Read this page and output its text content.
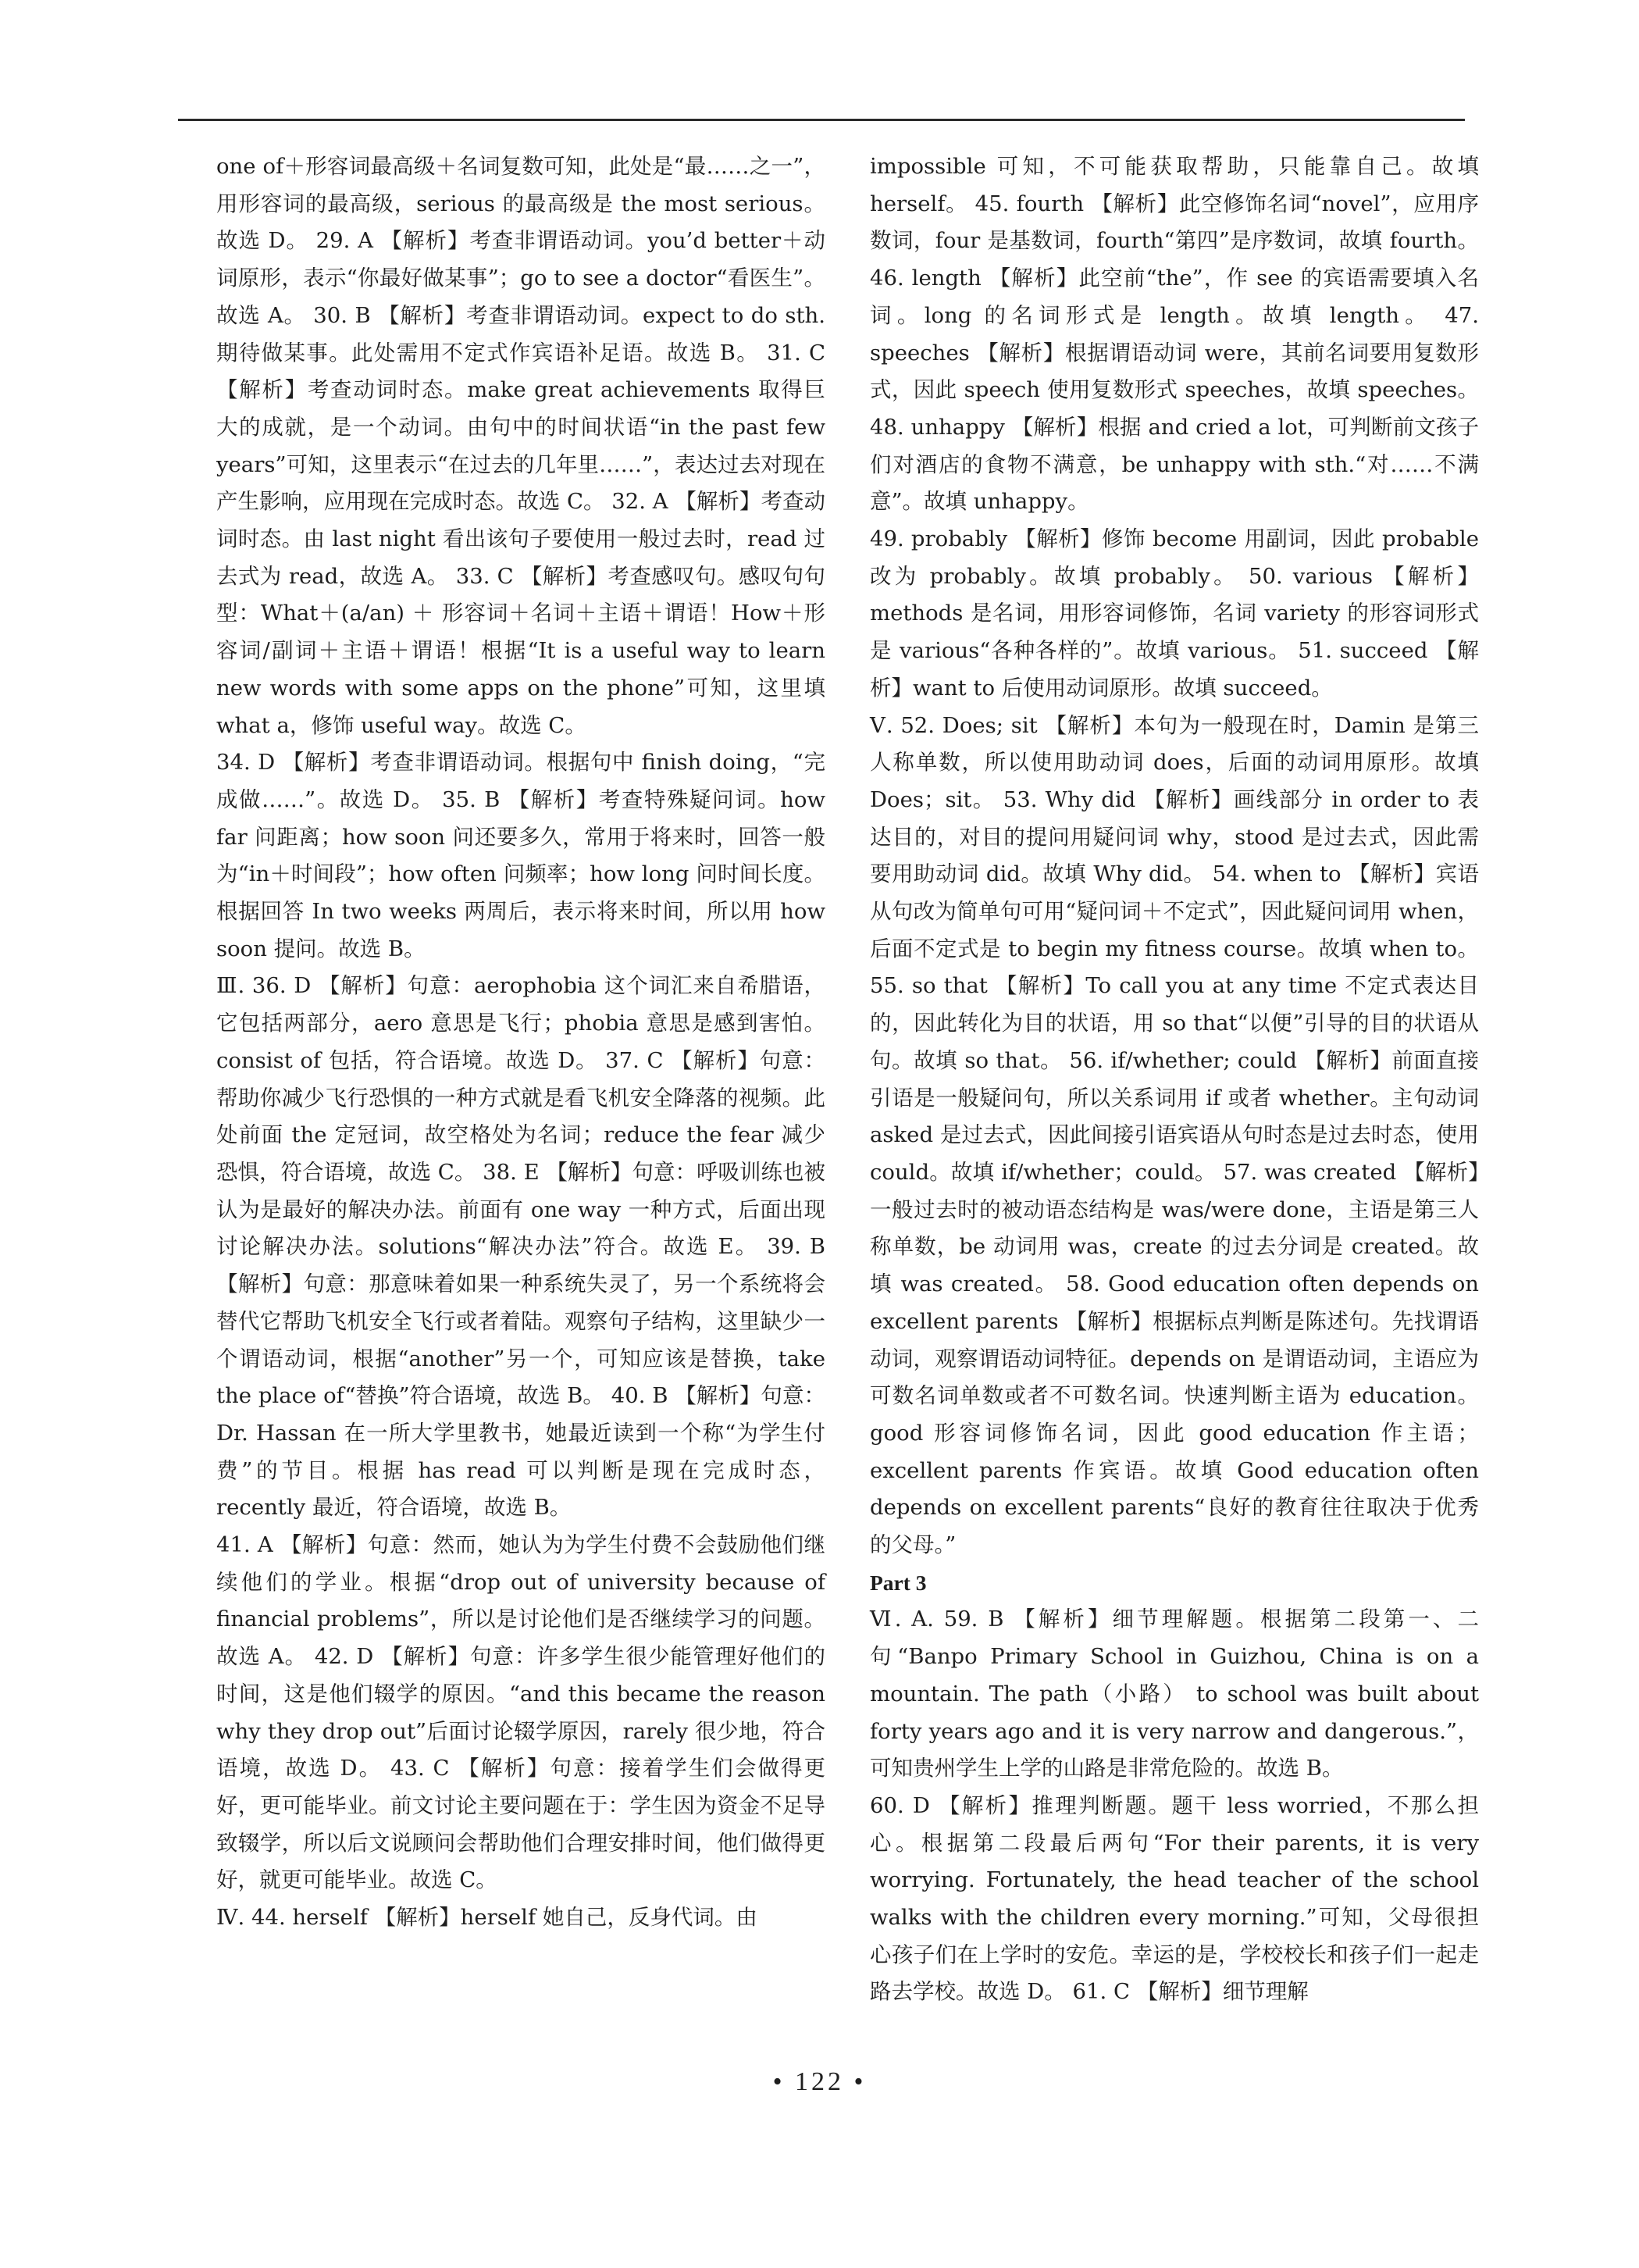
one of＋形容词最高级＋名词复数可知，此处是“最……之一”，用形容词的最高级，serious 的最高级是 the most serious。故选 D。 29. A 【解析】考查非谓语动词。you’d better＋动词原形，表示“你最好做某事”；go to see a doctor“看医生”。故选 A。 30. B 【解析】考查非谓语动词。expect to do sth. 期待做某事。此处需用不定式作宾语补足语。故选 B。 31. C 【解析】考查动词时态。make great achievements 取得巨大的成就，是一个动词。由句中的时间状语“in the past few years”可知，这里表示“在过去的几年里……”，表达过去对现在产生影响，应用现在完成时态。故选 C。 32. A 【解析】考查动词时态。由 last night 看出该句子要使用一般过去时，read 过去式为 read，故选 A。 33. C 【解析】考查感叹句。感叹句句型：What＋(a/an) ＋ 形容词＋名词＋主语＋谓语！How＋形容词/副词＋主语＋谓语！根据“It is a useful way to learn new words with some apps on the phone”可知，这里填 what a，修饰 useful way。故选 C。

34. D 【解析】考查非谓语动词。根据句中 finish doing，“完成做……”。故选 D。 35. B 【解析】考查特殊疑问词。how far 问距离；how soon 问还要多久，常用于将来时，回答一般为“in＋时间段”；how often 问频率；how long 问时间长度。根据回答 In two weeks 两周后，表示将来时间，所以用 how soon 提问。故选 B。

Ⅲ. 36. D 【解析】句意：aerophobia 这个词汇来自希腊语，它包括两部分，aero 意思是飞行；phobia 意思是感到害怕。consist of 包括，符合语境。故选 D。 37. C 【解析】句意：帮助你减少飞行恐惧的一种方式就是看飞机安全降落的视频。此处前面 the 定冠词，故空格处为名词；reduce the fear 减少恐惧，符合语境，故选 C。 38. E 【解析】句意：呼吸训练也被认为是最好的解决办法。前面有 one way 一种方式，后面出现讨论解决办法。solutions“解决办法”符合。故选 E。 39. B 【解析】句意：那意味着如果一种系统失灵了，另一个系统将会替代它帮助飞机安全飞行或者着陆。观察句子结构，这里缺少一个谓语动词，根据“another”另一个，可知应该是替换，take the place of“替换”符合语境，故选 B。 40. B 【解析】句意：Dr. Hassan 在一所大学里教书，她最近读到一个称“为学生付费”的节目。根据 has read 可以判断是现在完成时态，recently 最近，符合语境，故选 B。

41. A 【解析】句意：然而，她认为为学生付费不会鼓励他们继续他们的学业。根据“drop out of university because of financial problems”，所以是讨论他们是否继续学习的问题。故选 A。 42. D 【解析】句意：许多学生很少能管理好他们的时间，这是他们辍学的原因。“and this became the reason why they drop out”后面讨论辍学原因，rarely 很少地，符合语境，故选 D。 43. C 【解析】句意：接着学生们会做得更好，更可能毕业。前文讨论主要问题在于：学生因为资金不足导致辍学，所以后文说顾问会帮助他们合理安排时间，他们做得更好，就更可能毕业。故选 C。

Ⅳ. 44. herself 【解析】herself 她自己，反身代词。由

impossible 可知，不可能获取帮助，只能靠自己。故填 herself。 45. fourth 【解析】此空修饰名词“novel”，应用序数词，four 是基数词，fourth“第四”是序数词，故填 fourth。 46. length 【解析】此空前“the”，作 see 的宾语需要填入名词。long 的名词形式是 length。故填 length。 47. speeches 【解析】根据谓语动词 were，其前名词要用复数形式，因此 speech 使用复数形式 speeches，故填 speeches。 48. unhappy 【解析】根据 and cried a lot，可判断前文孩子们对酒店的食物不满意，be unhappy with sth.“对……不满意”。故填 unhappy。

49. probably 【解析】修饰 become 用副词，因此 probable 改为 probably。故填 probably。 50. various 【解析】methods 是名词，用形容词修饰，名词 variety 的形容词形式是 various“各种各样的”。故填 various。 51. succeed 【解析】want to 后使用动词原形。故填 succeed。

Ⅴ. 52. Does; sit 【解析】本句为一般现在时，Damin 是第三人称单数，所以使用助动词 does，后面的动词用原形。故填 Does；sit。 53. Why did 【解析】画线部分 in order to 表达目的，对目的提问用疑问词 why，stood 是过去式，因此需要用助动词 did。故填 Why did。 54. when to 【解析】宾语从句改为简单句可用“疑问词＋不定式”，因此疑问词用 when，后面不定式是 to begin my fitness course。故填 when to。 55. so that 【解析】To call you at any time 不定式表达目的，因此转化为目的状语，用 so that“以便”引导的目的状语从句。故填 so that。 56. if/whether; could 【解析】前面直接引语是一般疑问句，所以关系词用 if 或者 whether。主句动词 asked 是过去式，因此间接引语宾语从句时态是过去时态，使用 could。故填 if/whether；could。 57. was created 【解析】一般过去时的被动语态结构是 was/were done，主语是第三人称单数，be 动词用 was，create 的过去分词是 created。故填 was created。 58. Good education often depends on excellent parents 【解析】根据标点判断是陈述句。先找谓语动词，观察谓语动词特征。depends on 是谓语动词，主语应为可数名词单数或者不可数名词。快速判断主语为 education。good 形容词修饰名词，因此 good education 作主语；excellent parents 作宾语。故填 Good education often depends on excellent parents“良好的教育往往取决于优秀的父母。”

Part 3

Ⅵ. A. 59. B 【解析】细节理解题。根据第二段第一、二句“Banpo Primary School in Guizhou, China is on a mountain. The path（小路） to school was built about forty years ago and it is very narrow and dangerous.”，可知贵州学生上学的山路是非常危险的。故选 B。

60. D 【解析】推理判断题。题干 less worried，不那么担心。根据第二段最后两句“For their parents, it is very worrying. Fortunately, the head teacher of the school walks with the children every morning.”可知，父母很担心孩子们在上学时的安危。幸运的是，学校校长和孩子们一起走路去学校。故选 D。 61. C 【解析】细节理解

• 122 •
